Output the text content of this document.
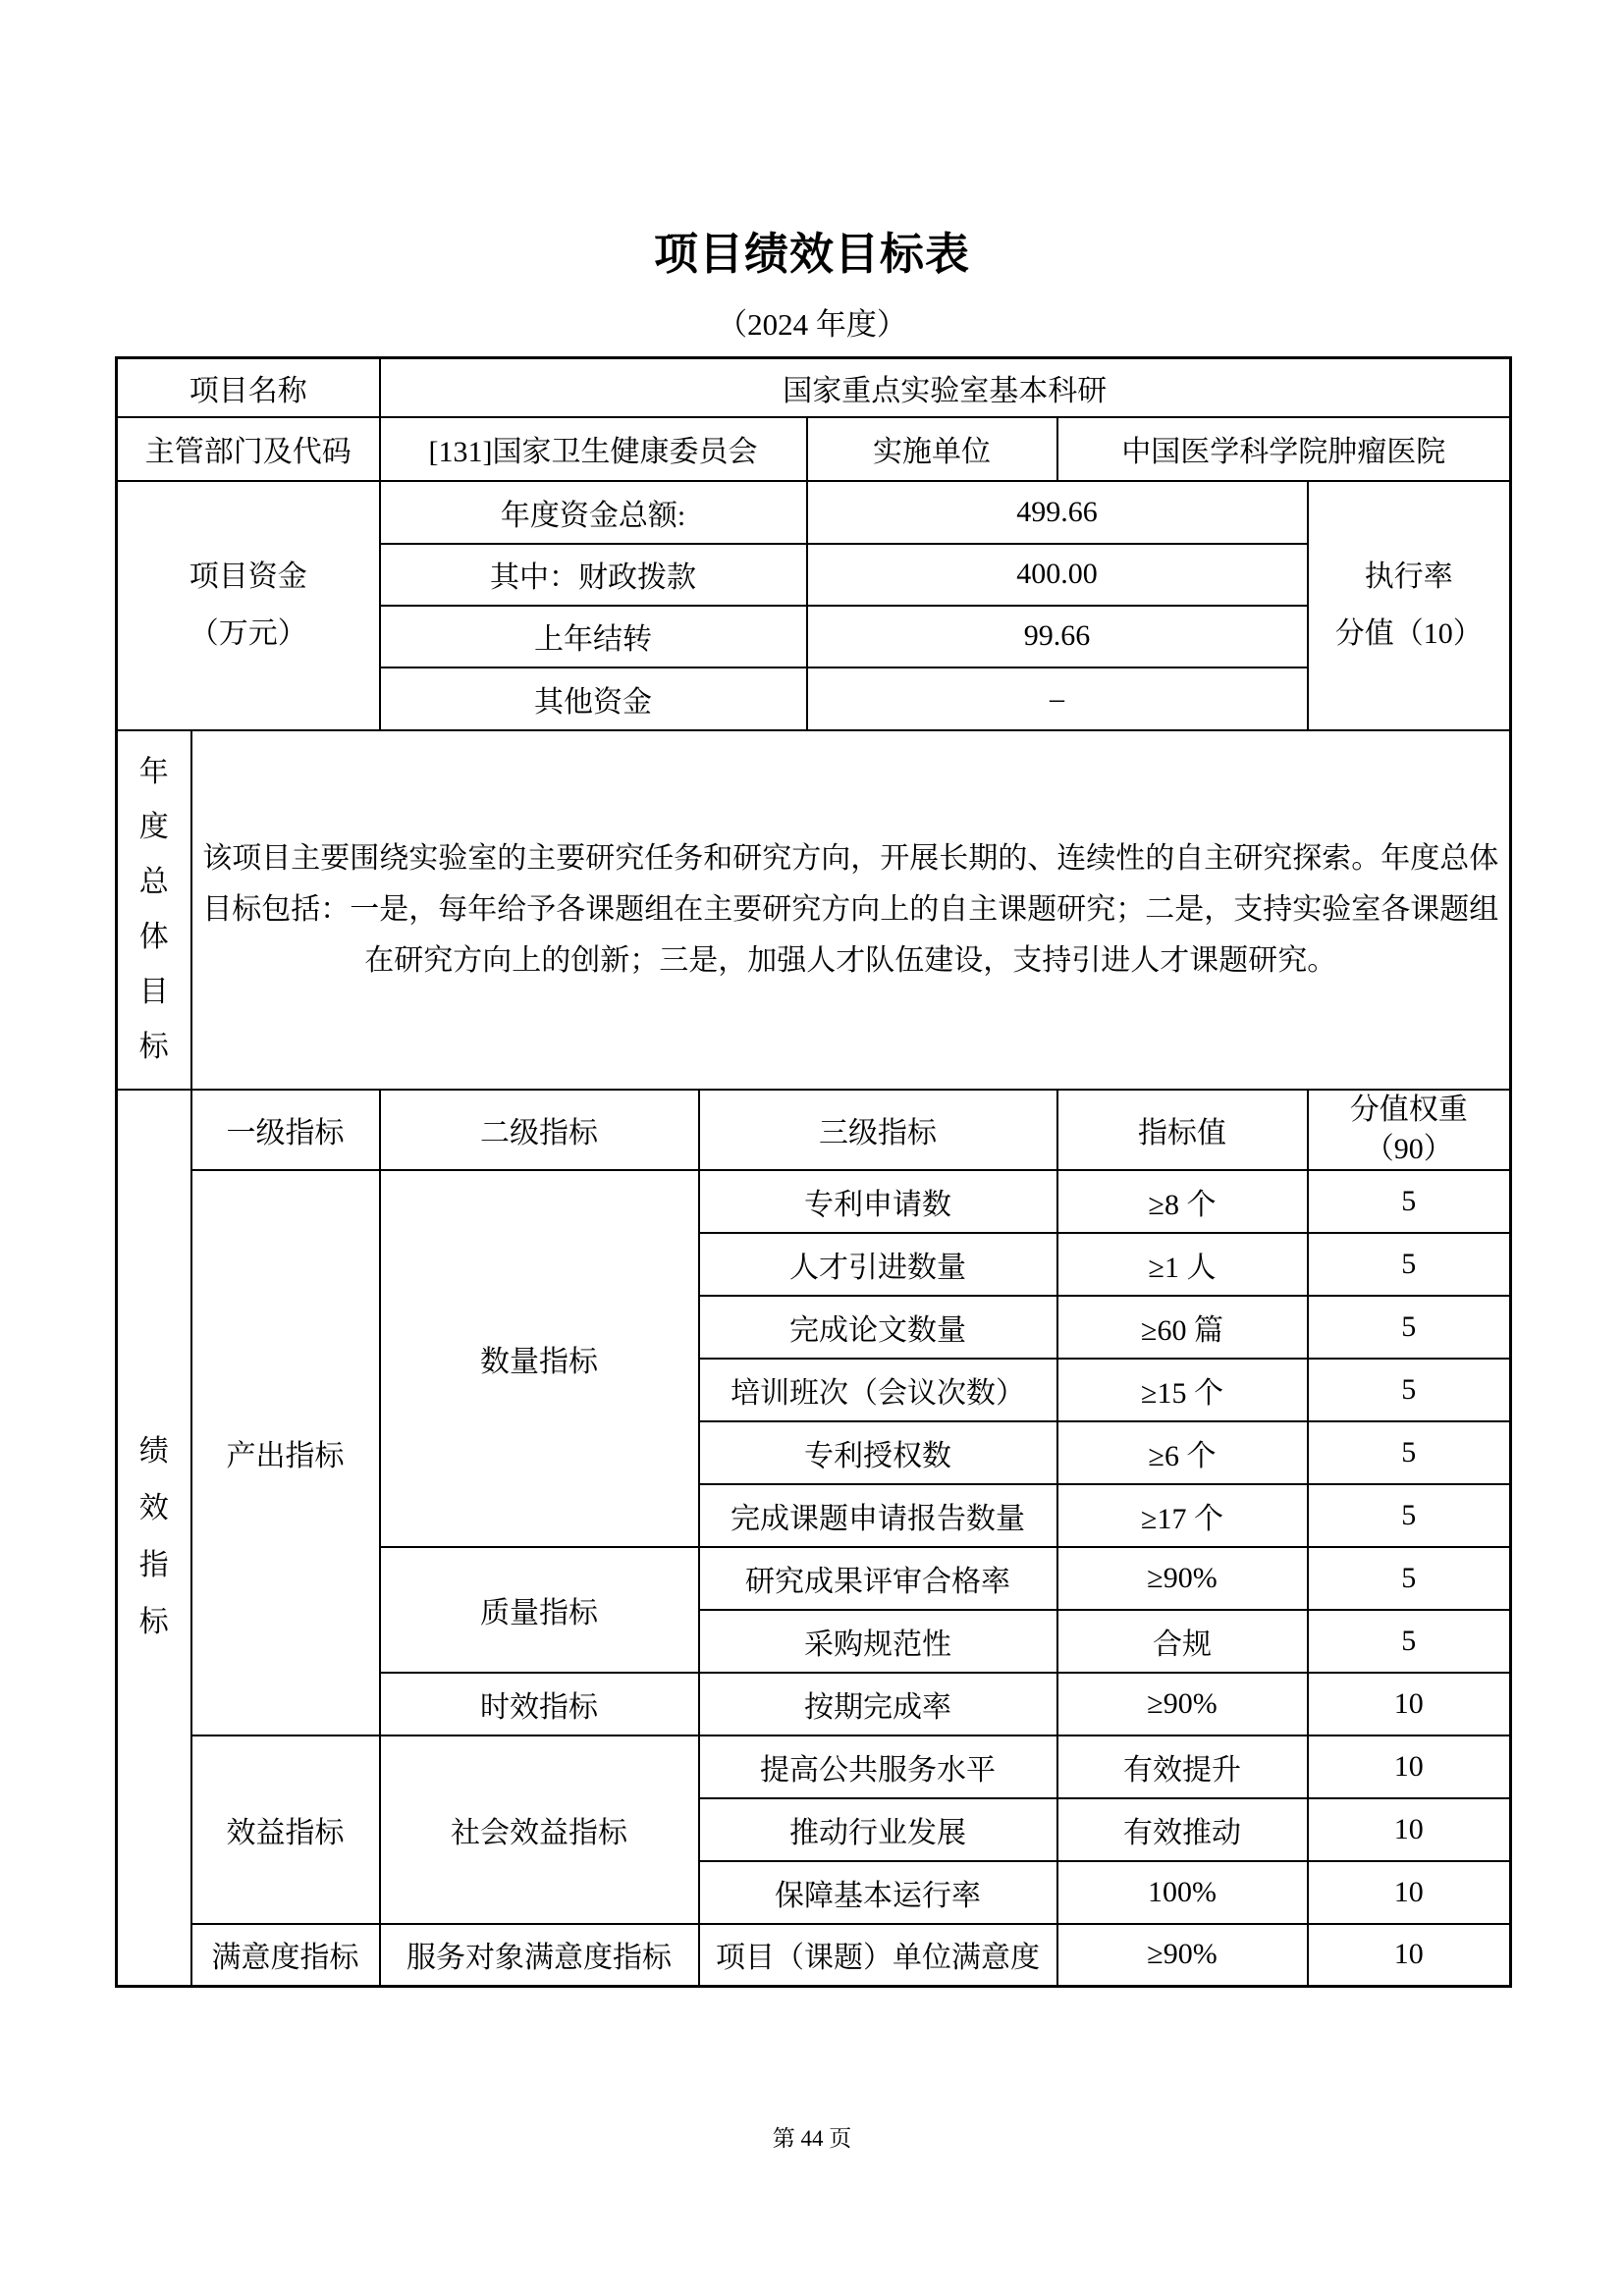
项目绩效目标表
（2024 年度）
项目名称		国家重点实验室基本科研				
主管部门及代码		[131]国家卫生健康委员会		实施单位	中国医学科学院肿瘤医院	

项目资金
（万元）
	年度资金总额:	499.66	
执行率
分值（10）

		其中：财政拨款		400.00		
		上年结转		99.66		
		其他资金		–		

年度总体目标	该项目主要围绕实验室的主要研究任务和研究方向，开展长期的、连续性的自主研究探索。年度总体目标包括：一是，每年给予各课题组在主要研究方向上的自主课题研究；二是，支持实验室各课题组在研究方向上的创新；三是，加强人才队伍建设，支持引进人才课题研究。					

绩效指标	一级指标	二级指标	三级指标		指标值	分值权重
（90）

	产出指标	数量指标	专利申请数		≥8 个	5
			人才引进数量		≥1 人	5
			完成论文数量		≥60 篇	5
			培训班次（会议次数）		≥15 个	5
			专利授权数		≥6 个	5
			完成课题申请报告数量		≥17 个	5
		质量指标	研究成果评审合格率		≥90%	5
			采购规范性		合规	5
		时效指标	按期完成率		≥90%	10
	效益指标	社会效益指标	提高公共服务水平		有效提升	10
			推动行业发展		有效推动	10
			保障基本运行率		100%	10
	满意度指标	服务对象满意度指标	项目（课题）单位满意度		≥90%	10
第 44 页
